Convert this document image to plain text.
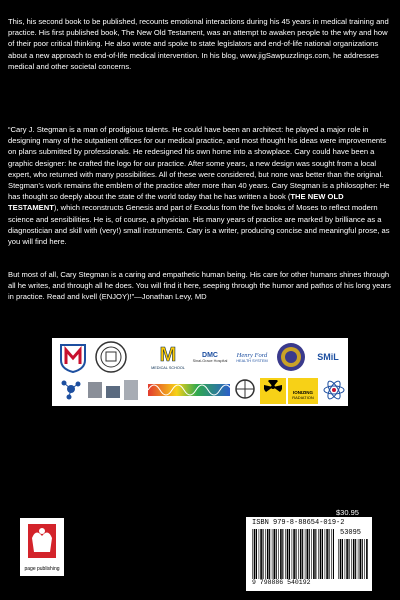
This, his second book to be published, recounts emotional interactions during his 45 years in medical training and practice. His first published book, The New Old Testament, was an attempt to awaken people to the why and how of their poor critical thinking. He also wrote and spoke to state legislators and end-of-life national organizations about a new approach to end-of-life medical intervention. In his blog, www.jigSawpuzzlings.com, he addresses medical and other societal concerns.

“Cary J. Stegman is a man of prodigious talents. He could have been an architect: he played a major role in designing many of the outpatient offices for our medical practice, and most thought his ideas were improvements on plans submitted by professionals. He redesigned his own home into a showplace. Cary could have been a graphic designer: he crafted the logo for our practice. After some years, a new design was sought from a local expert, who returned with many possibilities. All of these were considered, but none was better than the original. Stegman’s work remains the emblem of the practice after more than 40 years. Cary Stegman is a philosopher: He has thought so deeply about the state of the world today that he has written a book (THE NEW OLD TESTAMENT), which reconstructs Genesis and part of Exodus from the five books of Moses to reflect modern science and sensibilities. He is, of course, a physician. His many years of practice are marked by brilliance as a diagnostician and skill with (very!) small instruments. Cary is a writer, producing concise and meaningful prose, as you will find here.

But most of all, Cary Stegman is a caring and empathetic human being. His care for other humans shines through all he writes, and through all he does. You will find it here, seeping through the humor and pathos of his long years in practice. Read and kvell (ENJOY)!”—Jonathan Levy, MD

M
MEDICAL SCHOOL
DMC
Sinai-Grace Hospital
Henry Ford
HEALTH SYSTEM	SMiL
IONIZING
RADIATION
$30.95
ISBN 979-8-88654-019-2
9 798886 540192
53095
page publishing
